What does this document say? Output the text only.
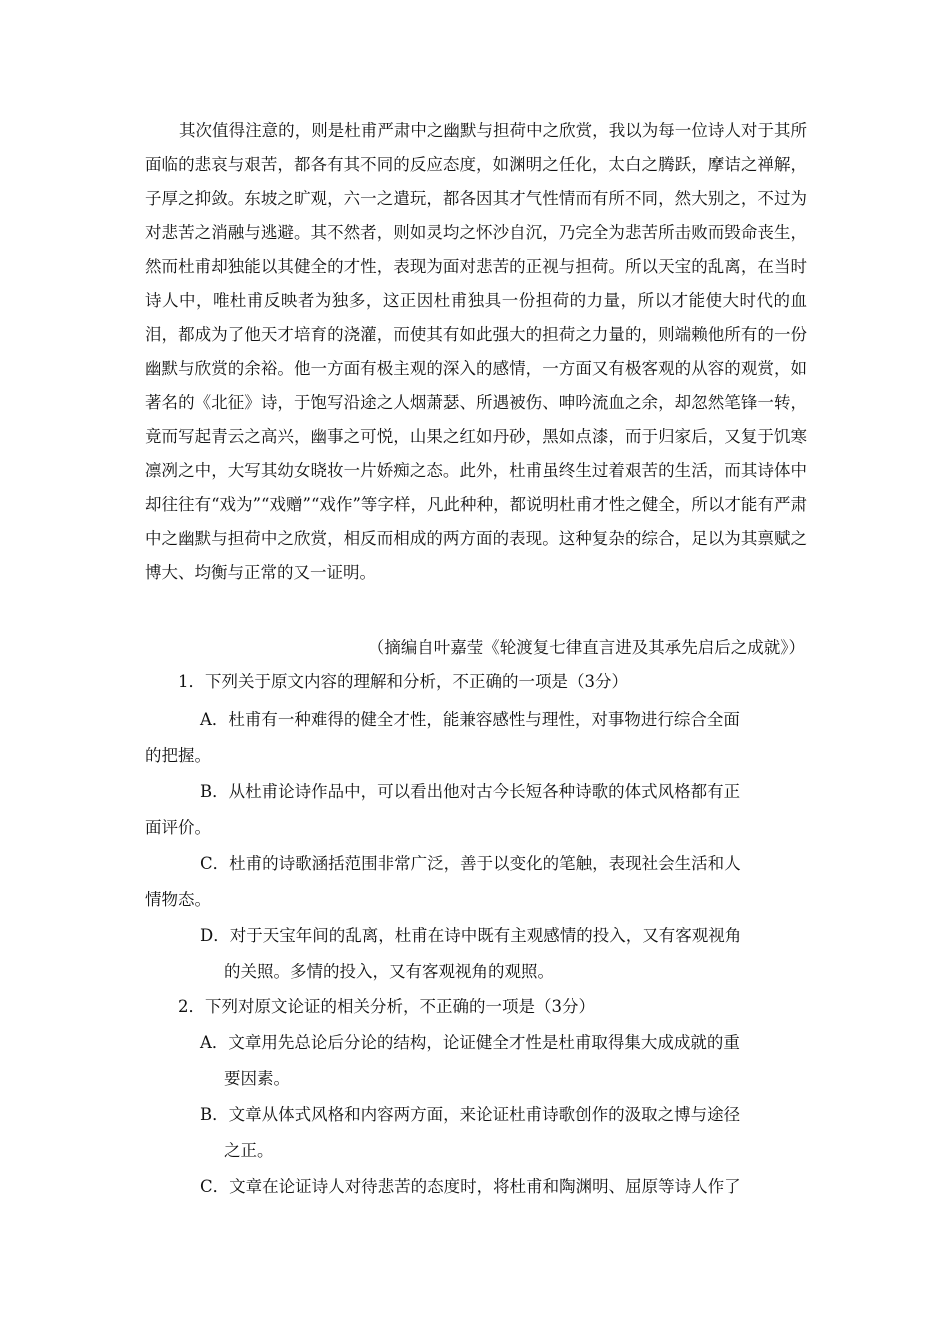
其次值得注意的，则是杜甫严肃中之幽默与担荷中之欣赏，我以为每一位诗人对于其所面临的悲哀与艰苦，都各有其不同的反应态度，如渊明之任化，太白之腾跃，摩诘之禅解，子厚之抑敛。东坡之旷观，六一之遣玩，都各因其才气性情而有所不同，然大别之，不过为对悲苦之消融与逃避。其不然者，则如灵均之怀沙自沉，乃完全为悲苦所击败而毁命丧生，然而杜甫却独能以其健全的才性，表现为面对悲苦的正视与担荷。所以天宝的乱离，在当时诗人中，唯杜甫反映者为独多，这正因杜甫独具一份担荷的力量，所以才能使大时代的血泪，都成为了他天才培育的浇灌，而使其有如此强大的担荷之力量的，则端赖他所有的一份幽默与欣赏的余裕。他一方面有极主观的深入的感情，一方面又有极客观的从容的观赏，如著名的《北征》诗，于饱写沿途之人烟萧瑟、所遇被伤、呻吟流血之余，却忽然笔锋一转，竟而写起青云之高兴，幽事之可悦，山果之红如丹砂，黑如点漆，而于归家后，又复于饥寒凛冽之中，大写其幼女晓妆一片娇痴之态。此外，杜甫虽终生过着艰苦的生活，而其诗体中却往往有“戏为”“戏赠”“戏作”等字样，凡此种种，都说明杜甫才性之健全，所以才能有严肃中之幽默与担荷中之欣赏，相反而相成的两方面的表现。这种复杂的综合，足以为其禀赋之博大、均衡与正常的又一证明。

（摘编自叶嘉莹《轮渡复七律直言进及其承先启后之成就》）
1．下列关于原文内容的理解和分析，不正确的一项是（3分）
A．杜甫有一种难得的健全才性，能兼容感性与理性，对事物进行综合全面
的把握。
B．从杜甫论诗作品中，可以看出他对古今长短各种诗歌的体式风格都有正
面评价。
C．杜甫的诗歌涵括范围非常广泛，善于以变化的笔触，表现社会生活和人
情物态。
D．对于天宝年间的乱离，杜甫在诗中既有主观感情的投入，又有客观视角
的关照。多情的投入，又有客观视角的观照。
2．下列对原文论证的相关分析，不正确的一项是（3分）
A．文章用先总论后分论的结构，论证健全才性是杜甫取得集大成成就的重
要因素。
B．文章从体式风格和内容两方面，来论证杜甫诗歌创作的汲取之博与途径
之正。
C．文章在论证诗人对待悲苦的态度时，将杜甫和陶渊明、屈原等诗人作了
